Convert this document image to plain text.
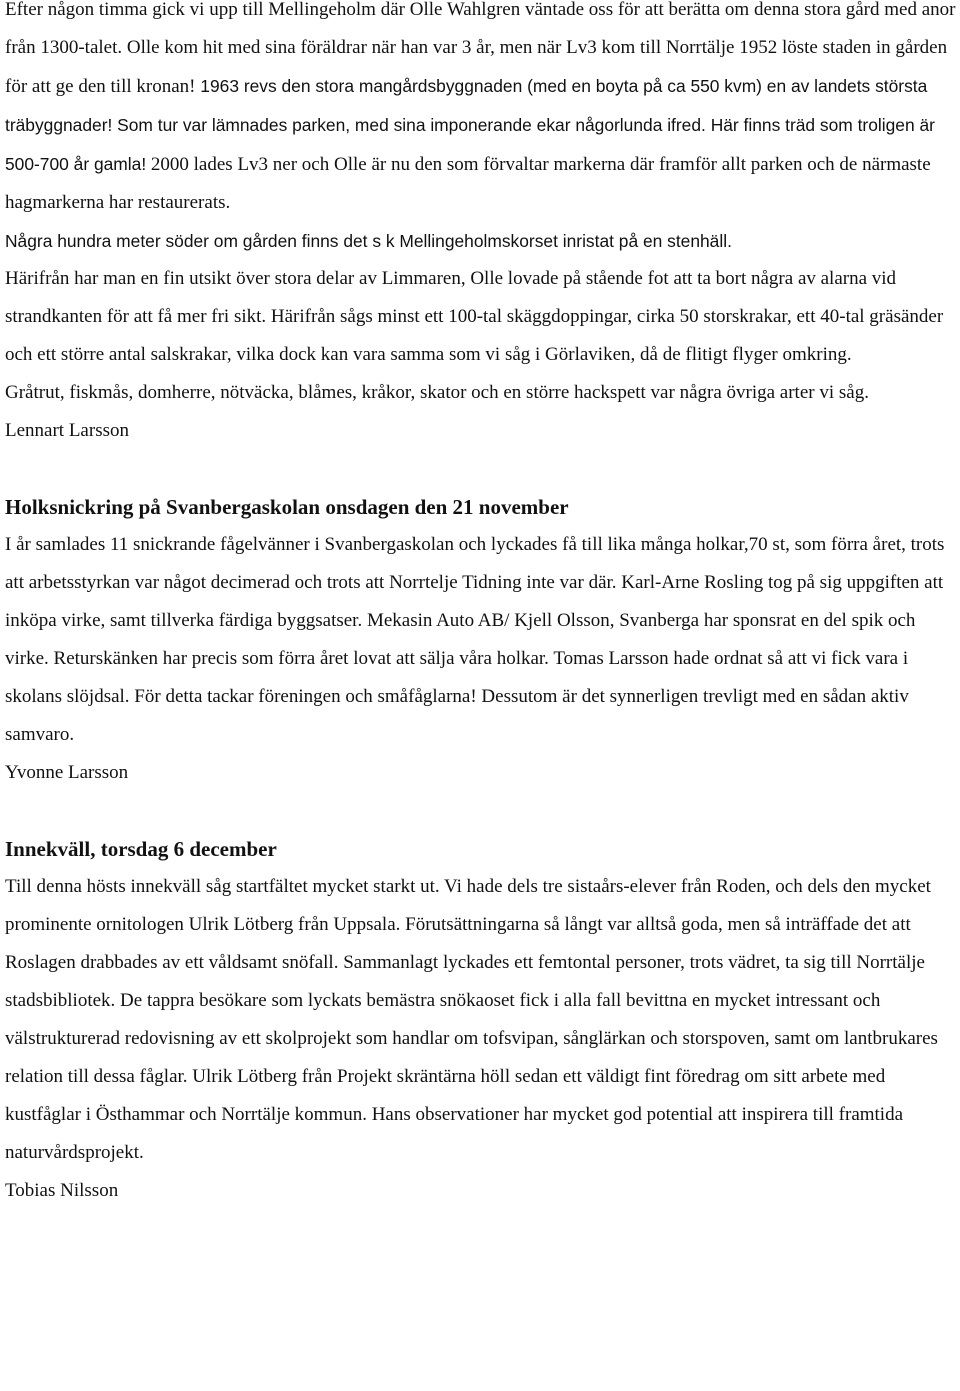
Efter någon timma gick vi upp till Mellingeholm där Olle Wahlgren väntade oss för att berätta om denna stora gård med anor från 1300-talet. Olle kom hit med sina föräldrar när han var 3 år, men när Lv3 kom till Norrtälje 1952 löste staden in gården för att ge den till kronan! 1963 revs den stora mangårdsbyggnaden (med en boyta på ca 550 kvm) en av landets största träbyggnader! Som tur var lämnades parken, med sina imponerande ekar någorlunda ifred. Här finns träd som troligen är 500-700 år gamla! 2000 lades Lv3 ner och Olle är nu den som förvaltar markerna där framför allt parken och de närmaste hagmarkerna har restaurerats.

Några hundra meter söder om gården finns det s k Mellingeholmskorset inristat på en stenhäll.

Härifrån har man en fin utsikt över stora delar av Limmaren, Olle lovade på stående fot att ta bort några av alarna vid strandkanten för att få mer fri sikt. Härifrån sågs minst ett 100-tal skäggdoppingar, cirka 50 storskrakar, ett 40-tal gräsänder och ett större antal salskrakar, vilka dock kan vara samma som vi såg i Görlaviken, då de flitigt flyger omkring.

Gråtrut, fiskmås, domherre, nötväcka, blåmes, kråkor, skator och en större hackspett var några övriga arter vi såg.

Lennart Larsson

Holksnickring på Svanbergaskolan onsdagen den 21 november

I år samlades 11 snickrande fågelvänner i Svanbergaskolan och lyckades få till lika många holkar,70 st, som förra året, trots att arbetsstyrkan var något decimerad och trots att Norrtelje Tidning inte var där. Karl-Arne Rosling tog på sig uppgiften att inköpa virke, samt tillverka färdiga byggsatser. Mekasin Auto AB/ Kjell Olsson, Svanberga har sponsrat en del spik och virke. Returskänken har precis som förra året lovat att sälja våra holkar. Tomas Larsson hade ordnat så att vi fick vara i skolans slöjdsal. För detta tackar föreningen och småfåglarna! Dessutom är det synnerligen trevligt med en sådan aktiv samvaro.

Yvonne Larsson

Innekväll, torsdag 6 december

Till denna hösts innekväll såg startfältet mycket starkt ut. Vi hade dels tre sistaårs-elever från Roden, och dels den mycket prominente ornitologen Ulrik Lötberg från Uppsala. Förutsättningarna så långt var alltså goda, men så inträffade det att Roslagen drabbades av ett våldsamt snöfall. Sammanlagt lyckades ett femtontal personer, trots vädret, ta sig till Norrtälje stadsbibliotek. De tappra besökare som lyckats bemästra snökaoset fick i alla fall bevittna en mycket intressant och välstrukturerad redovisning av ett skolprojekt som handlar om tofsvipan, sånglärkan och storspoven, samt om lantbrukares relation till dessa fåglar. Ulrik Lötberg från Projekt skräntärna höll sedan ett väldigt fint föredrag om sitt arbete med kustfåglar i Östhammar och Norrtälje kommun. Hans observationer har mycket god potential att inspirera till framtida naturvårdsprojekt.

Tobias Nilsson
